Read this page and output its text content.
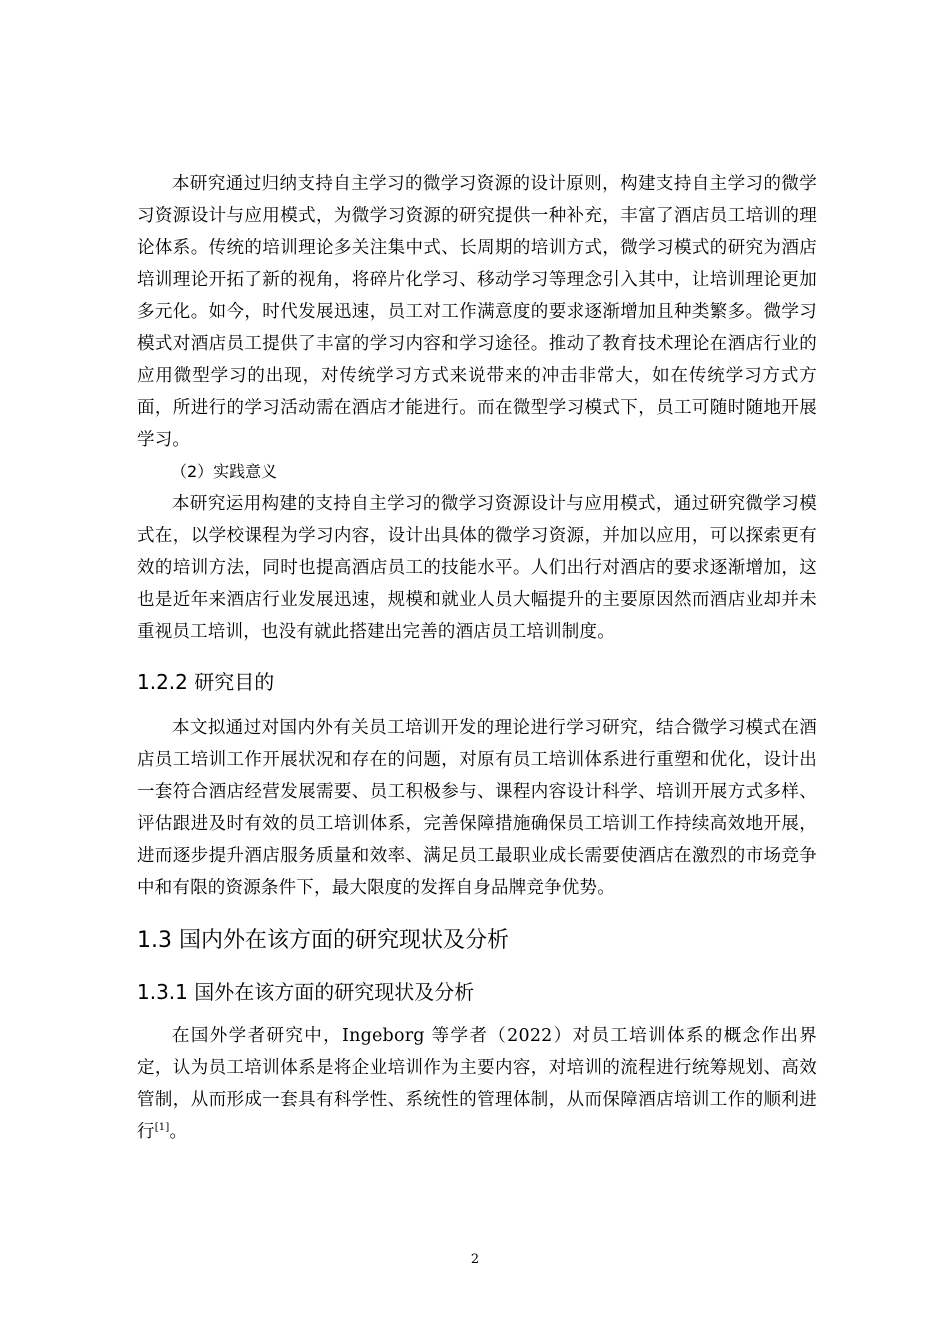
本研究通过归纳支持自主学习的微学习资源的设计原则，构建支持自主学习的微学习资源设计与应用模式，为微学习资源的研究提供一种补充，丰富了酒店员工培训的理论体系。传统的培训理论多关注集中式、长周期的培训方式，微学习模式的研究为酒店培训理论开拓了新的视角，将碎片化学习、移动学习等理念引入其中，让培训理论更加多元化。如今，时代发展迅速，员工对工作满意度的要求逐渐增加且种类繁多。微学习模式对酒店员工提供了丰富的学习内容和学习途径。推动了教育技术理论在酒店行业的应用微型学习的出现，对传统学习方式来说带来的冲击非常大，如在传统学习方式方面，所进行的学习活动需在酒店才能进行。而在微型学习模式下，员工可随时随地开展学习。

（2）实践意义

本研究运用构建的支持自主学习的微学习资源设计与应用模式，通过研究微学习模式在，以学校课程为学习内容，设计出具体的微学习资源，并加以应用，可以探索更有效的培训方法，同时也提高酒店员工的技能水平。人们出行对酒店的要求逐渐增加，这也是近年来酒店行业发展迅速，规模和就业人员大幅提升的主要原因然而酒店业却并未重视员工培训，也没有就此搭建出完善的酒店员工培训制度。

1.2.2 研究目的

本文拟通过对国内外有关员工培训开发的理论进行学习研究，结合微学习模式在酒店员工培训工作开展状况和存在的问题，对原有员工培训体系进行重塑和优化，设计出一套符合酒店经营发展需要、员工积极参与、课程内容设计科学、培训开展方式多样、评估跟进及时有效的员工培训体系，完善保障措施确保员工培训工作持续高效地开展，进而逐步提升酒店服务质量和效率、满足员工最职业成长需要使酒店在激烈的市场竞争中和有限的资源条件下，最大限度的发挥自身品牌竞争优势。

1.3 国内外在该方面的研究现状及分析
1.3.1 国外在该方面的研究现状及分析

在国外学者研究中，Ingeborg 等学者（2022）对员工培训体系的概念作出界定，认为员工培训体系是将企业培训作为主要内容，对培训的流程进行统筹规划、高效管制，从而形成一套具有科学性、系统性的管理体制，从而保障酒店培训工作的顺利进行[1]。

2
